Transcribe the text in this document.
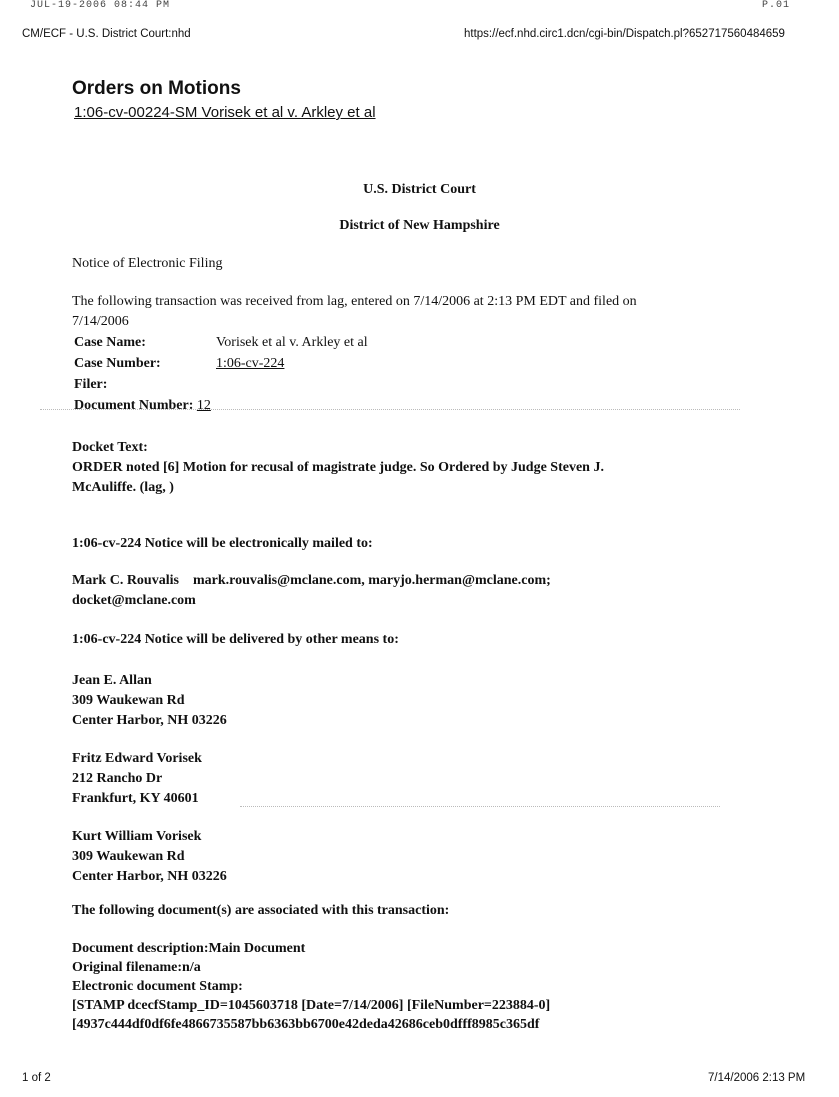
JUL-19-2006 08:44 PM	P.01
CM/ECF - U.S. District Court:nhd	https://ecf.nhd.circ1.dcn/cgi-bin/Dispatch.pl?652717560484659
Orders on Motions
1:06-cv-00224-SM Vorisek et al v. Arkley et al
U.S. District Court
District of New Hampshire
Notice of Electronic Filing
The following transaction was received from lag, entered on 7/14/2006 at 2:13 PM EDT and filed on
7/14/2006
Case Name:	Vorisek et al v. Arkley et al
Case Number:	1:06-cv-224
Filer:
Document Number: 12
Docket Text:
ORDER noted [6] Motion for recusal of magistrate judge. So Ordered by Judge Steven J.
McAuliffe. (lag, )
1:06-cv-224 Notice will be electronically mailed to:
Mark C. Rouvalis mark.rouvalis@mclane.com, maryjo.herman@mclane.com;
docket@mclane.com
1:06-cv-224 Notice will be delivered by other means to:
Jean E. Allan
309 Waukewan Rd
Center Harbor, NH 03226
Fritz Edward Vorisek
212 Rancho Dr
Frankfurt, KY 40601
Kurt William Vorisek
309 Waukewan Rd
Center Harbor, NH 03226
The following document(s) are associated with this transaction:
Document description:Main Document
Original filename:n/a
Electronic document Stamp:
[STAMP dcecfStamp_ID=1045603718 [Date=7/14/2006] [FileNumber=223884-0]
[4937c444df0df6fe4866735587bb6363bb6700e42deda42686ceb0dfff8985c365df
1 of 2	7/14/2006 2:13 PM
